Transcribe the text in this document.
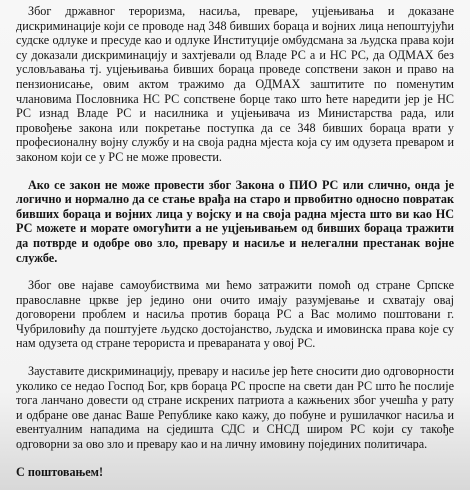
Због државног тероризма, насиља, преваре, уцјењивања и доказане дискриминације који се проводе над 348 бивших бораца и војних лица непоштујући судске одлуке и пресуде као и одлуке Институције омбудсмана за људска права који су доказали дискриминацију и захтјевали од Владе РС а и НС РС, да ОДМАХ без условљавања тј. уцјењивања бивших бораца проведе сопствени закон и право на пензионисање, овим актом тражимо да ОДМАХ заштитите по поменутим члановима Пословника НС РС сопствене борце тако што ћете наредити јер је НС РС изнад Владе РС и насилника и уцјењивача из Министарства рада, или провођење закона или покретање поступка да се 348 бивших бораца врати у професионалну војну службу и на своја радна мјеста која су им одузета преваром и законом који се у РС не може провести.

Ако се закон не може провести због Закона о ПИО РС или слично, онда је логично и нормално да се стање врађа на старо и првобитно односно повратак бивших бораца и војних лица у војску и на своја радна мјеста што ви као НС РС можете и морате омогућити а не уцјењивањем од бивших бораца тражити да потврде и одобре ово зло, превару и насиље и нелегални престанак војне службе.

Због ове најаве самоубиствима ми ћемо затражити помоћ од стране Српске православне цркве јер једино они очито имају разумјевање и схватају овај договорени проблем и насиља против бораца РС а Вас молимо поштовани г. Чубриловићу да поштујете људско достојанство, људска и имовинска права које су нам одузета од стране терориста и превараната у овој РС.

Зауставите дискриминацију, превару и насиље јер ћете сносити дио одговорности уколико се недао Господ Бог, крв бораца РС проспе на свети дан РС што ће послије тога ланчано довести од стране искрених патриота а кажњених због учешћа у рату и одбране ове данас Ваше Републике како кажу, до побуне и рушилачког насиља и евентуалним нападима на сједишта СДС и СНСД широм РС који су такође одговорни за ово зло и превару као и на личну имовину појединих политичара.

С поштовањем!
